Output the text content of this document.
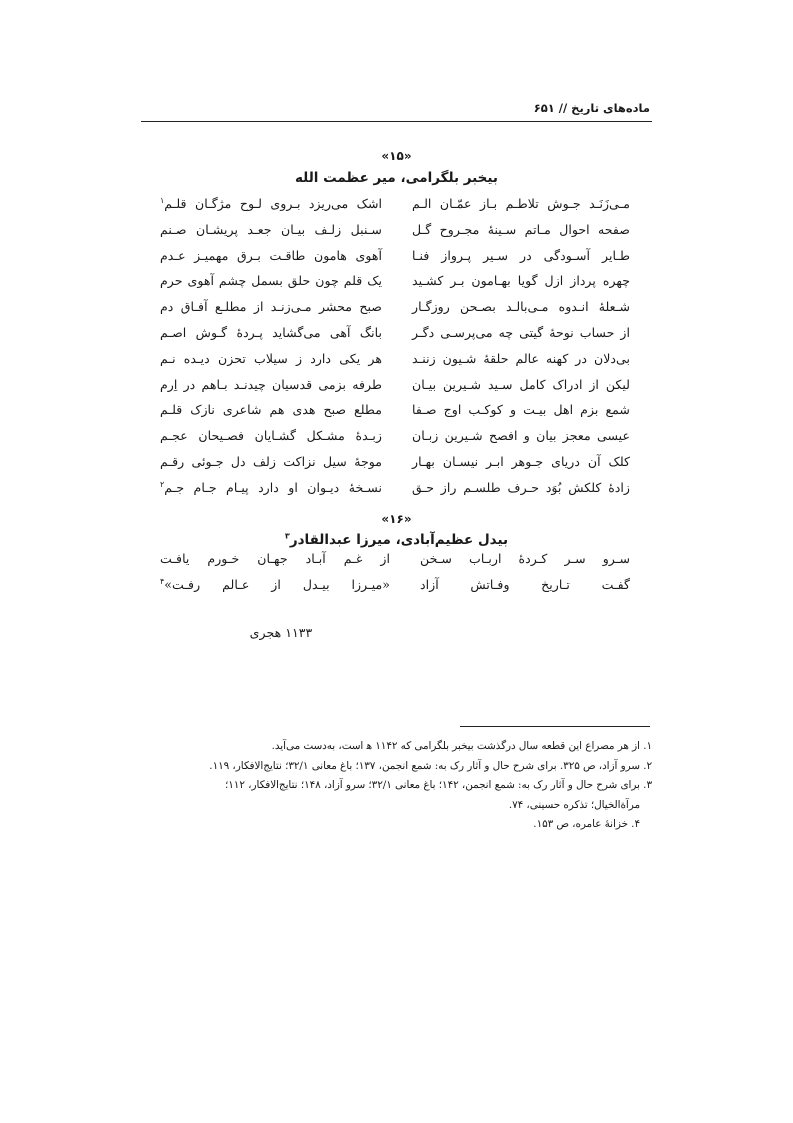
ماده‌های تاریخ // ۶۵۱
«۱۵»
بیخبر بلگرامی، میر عظمت الله
مـی‌زَنَـد جـوش تلاطـم بـاز عمّـان الـم
اشک می‌ریزد بـروی لـوح مژگـان قلـم$^۱$
صفحه احوال مـاتم سـینهٔ مجـروح گـل
سـنبل زلـف بیـان جعـد پریشـان صـنم
طـایر آسـودگی در سـیر پـرواز فنـا
آهوی هامون طاقـت بـرق مهمیـز عـدم
چهره پرداز ازل گویا بهـامون بـر کشـید
یک قلم چون حلق بسمل چشم آهوی حرم
شـعلهٔ انـدوه مـی‌بالـد بصـحن روزگـار
صبح محشر مـی‌زنـد از مطلـع آفـاق دم
از حساب نوحهٔ گیتی چه می‌پرسـی دگـر
بانگ آهی می‌گشاید پـردهٔ گـوش اصـم
بی‌دلان در کهنه عالم حلقهٔ شـیون زننـد
هر یکی دارد ز سیلاب تحزن دیـده نـم
لیکن از ادراک کامل سـید شـیرین بیـان
طرفه بزمی قدسیان چیدنـد بـاهم در اِرم
شمع بزم اهل بیـت و کوکـب اوج صـفا
مطلع صبح هدی هم شاعری نازک قلـم
عیسی معجز بیان و افصح شـیرین زبـان
زبـدهٔ مشـکل گشـایان فصـیحان عجـم
کلک آن دریای جـوهر ابـر نیسـان بهـار
موجهٔ سیل نزاکت زلف دل جـوئی رقـم
زادهٔ کلکش بُوَد حـرف طلسـم راز حـق
نسـخهٔ دیـوان او دارد پیـام جـام جـم$^۲$
«۱۶»
بیدل عظیم‌آبادی، میرزا عبدالقادر$^۳$
سـرو سـر کـردهٔ اربـاب سـخن
از غـم آبـاد جهـان خـورم یافـت
گفـت تـاریخ وفـاتش آزاد
«میـرزا بیـدل از عـالم رفـت»$^۴$
۱۱۳۳ هجری

۱. از هر مصراع این قطعه سال درگذشت بیخبر بلگرامی که ۱۱۴۲ ﻫ است، به‌دست می‌آید.

۲. سرو آزاد، ص ۳۲۵. برای شرح حال و آثار رک به: شمع انجمن، ۱۳۷؛ باغ معانی ۳۲/۱؛ نتایج‌الافکار، ۱۱۹.

۳. برای شرح حال و آثار رک به: شمع انجمن، ۱۴۲؛ باغ معانی ۳۲/۱؛ سرو آزاد، ۱۴۸؛ نتایج‌الافکار، ۱۱۲؛

مرآةالخیال؛ تذکره حسینی، ۷۴.

۴. خزانهٔ عامره، ص ۱۵۳.
